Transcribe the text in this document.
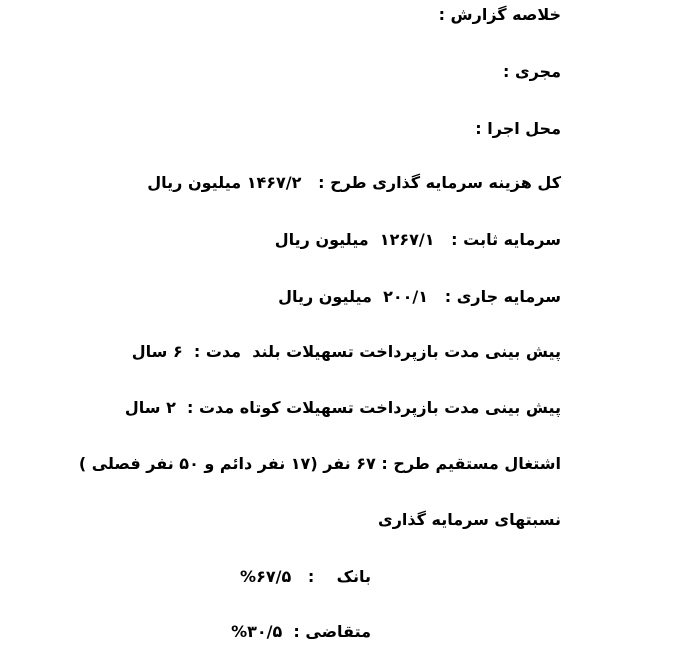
خلاصه گزارش :
مجری :
محل اجرا :
کل هزینه سرمایه گذاری طرح :   ۱۴۶۷/۲ میلیون ریال
سرمایه ثابت :   ۱۲۶۷/۱  میلیون ریال
سرمایه جاری :   ۲۰۰/۱  میلیون ریال
پیش بینی مدت بازپرداخت تسهیلات بلند  مدت :  ۶ سال
پیش بینی مدت بازپرداخت تسهیلات کوتاه مدت :  ۲ سال
اشتغال مستقیم طرح : ۶۷ نفر (۱۷ نفر دائم و ۵۰ نفر فصلی )
نسبتهای سرمایه گذاری
بانک    :   ۶۷/۵%
متقاضی :  ۳۰/۵%
